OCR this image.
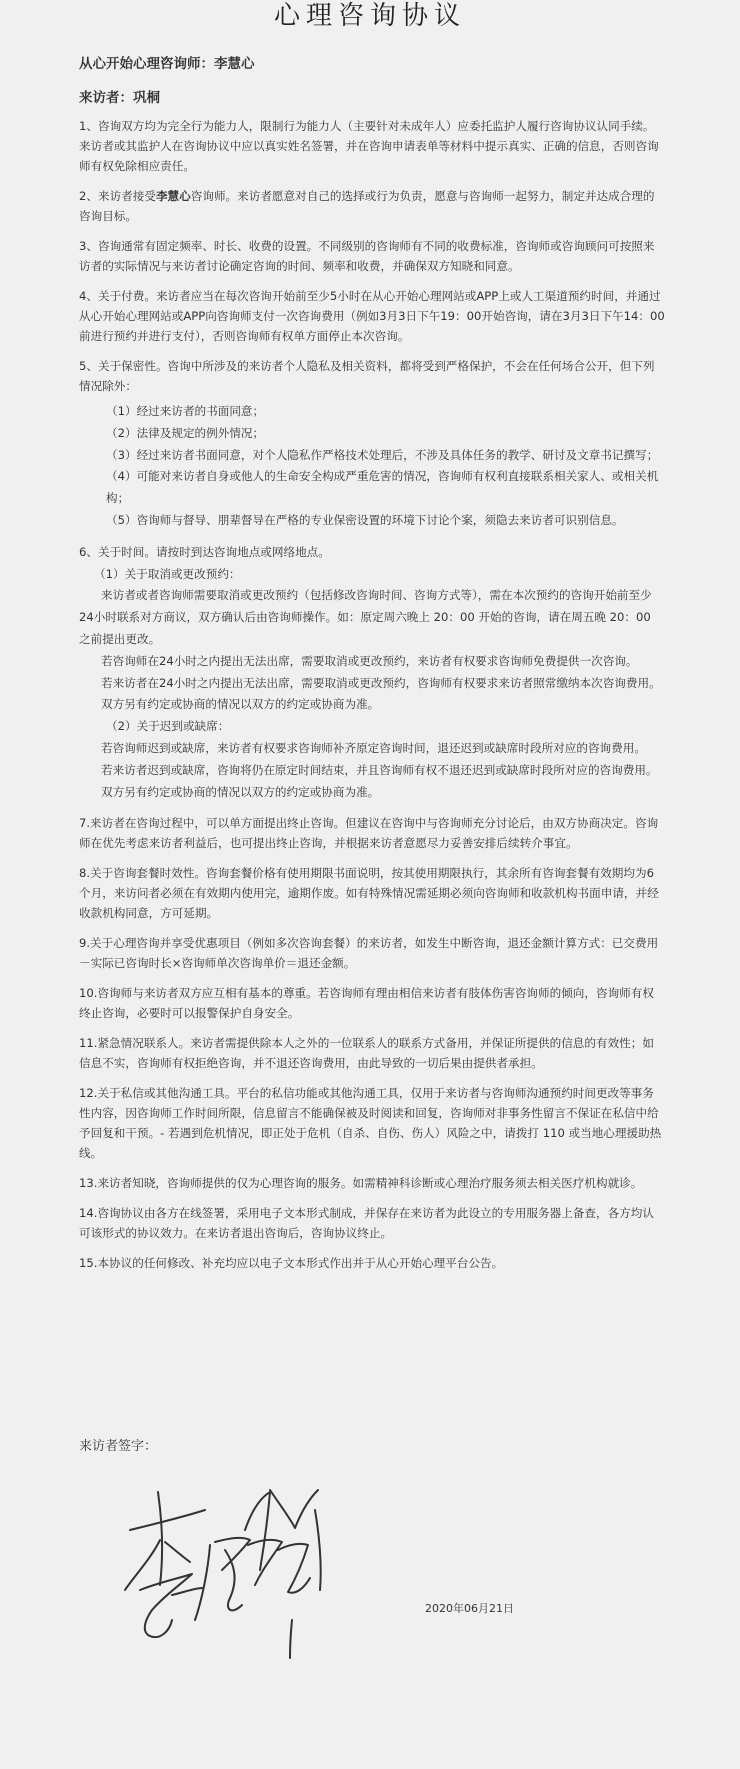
心理咨询协议
从心开始心理咨询师：李慧心
来访者：巩桐

1、咨询双方均为完全行为能力人，限制行为能力人（主要针对未成年人）应委托监护人履行咨询协议认同手续。来访者或其监护人在咨询协议中应以真实姓名签署，并在咨询申请表单等材料中提示真实、正确的信息，否则咨询师有权免除相应责任。

2、来访者接受李慧心咨询师。来访者愿意对自己的选择或行为负责，愿意与咨询师一起努力，制定并达成合理的咨询目标。

3、咨询通常有固定频率、时长、收费的设置。不同级别的咨询师有不同的收费标准，咨询师或咨询顾问可按照来访者的实际情况与来访者讨论确定咨询的时间、频率和收费，并确保双方知晓和同意。

4、关于付费。来访者应当在每次咨询开始前至少5小时在从心开始心理网站或APP上或人工渠道预约时间，并通过从心开始心理网站或APP向咨询师支付一次咨询费用（例如3月3日下午19：00开始咨询，请在3月3日下午14：00前进行预约并进行支付），否则咨询师有权单方面停止本次咨询。

5、关于保密性。咨询中所涉及的来访者个人隐私及相关资料，都将受到严格保护，不会在任何场合公开，但下列情况除外：

（1）经过来访者的书面同意；

（2）法律及规定的例外情况；

（3）经过来访者书面同意，对个人隐私作严格技术处理后，不涉及具体任务的教学、研讨及文章书记撰写；

（4）可能对来访者自身或他人的生命安全构成严重危害的情况，咨询师有权利直接联系相关家人、或相关机构；

（5）咨询师与督导、朋辈督导在严格的专业保密设置的环境下讨论个案，须隐去来访者可识别信息。

6、关于时间。请按时到达咨询地点或网络地点。

（1）关于取消或更改预约：

来访者或者咨询师需要取消或更改预约（包括修改咨询时间、咨询方式等），需在本次预约的咨询开始前至少24小时联系对方商议，双方确认后由咨询师操作。如：原定周六晚上 20：00 开始的咨询，请在周五晚 20：00 之前提出更改。

若咨询师在24小时之内提出无法出席，需要取消或更改预约，来访者有权要求咨询师免费提供一次咨询。

若来访者在24小时之内提出无法出席，需要取消或更改预约，咨询师有权要求来访者照常缴纳本次咨询费用。

双方另有约定或协商的情况以双方的约定或协商为准。

（2）关于迟到或缺席：

若咨询师迟到或缺席，来访者有权要求咨询师补齐原定咨询时间，退还迟到或缺席时段所对应的咨询费用。

若来访者迟到或缺席，咨询将仍在原定时间结束，并且咨询师有权不退还迟到或缺席时段所对应的咨询费用。

双方另有约定或协商的情况以双方的约定或协商为准。

7.来访者在咨询过程中，可以单方面提出终止咨询。但建议在咨询中与咨询师充分讨论后，由双方协商决定。咨询师在优先考虑来访者利益后，也可提出终止咨询，并根据来访者意愿尽力妥善安排后续转介事宜。

8.关于咨询套餐时效性。咨询套餐价格有使用期限书面说明，按其使用期限执行，其余所有咨询套餐有效期均为6个月，来访问者必须在有效期内使用完，逾期作废。如有特殊情况需延期必须向咨询师和收款机构书面申请，并经收款机构同意，方可延期。

9.关于心理咨询并享受优惠项目（例如多次咨询套餐）的来访者，如发生中断咨询，退还金额计算方式：已交费用－实际已咨询时长×咨询师单次咨询单价＝退还金额。

10.咨询师与来访者双方应互相有基本的尊重。若咨询师有理由相信来访者有肢体伤害咨询师的倾向，咨询师有权终止咨询，必要时可以报警保护自身安全。

11.紧急情况联系人。来访者需提供除本人之外的一位联系人的联系方式备用，并保证所提供的信息的有效性；如信息不实，咨询师有权拒绝咨询，并不退还咨询费用，由此导致的一切后果由提供者承担。

12.关于私信或其他沟通工具。平台的私信功能或其他沟通工具，仅用于来访者与咨询师沟通预约时间更改等事务性内容，因咨询师工作时间所限，信息留言不能确保被及时阅读和回复，咨询师对非事务性留言不保证在私信中给予回复和干预。- 若遇到危机情况，即正处于危机（自杀、自伤、伤人）风险之中，请拨打 110 或当地心理援助热线。

13.来访者知晓，咨询师提供的仅为心理咨询的服务。如需精神科诊断或心理治疗服务须去相关医疗机构就诊。

14.咨询协议由各方在线签署，采用电子文本形式制成，并保存在来访者为此设立的专用服务器上备查，各方均认可该形式的协议效力。在来访者退出咨询后，咨询协议终止。

15.本协议的任何修改、补充均应以电子文本形式作出并于从心开始心理平台公告。

来访者签字：
2020年06月21日
